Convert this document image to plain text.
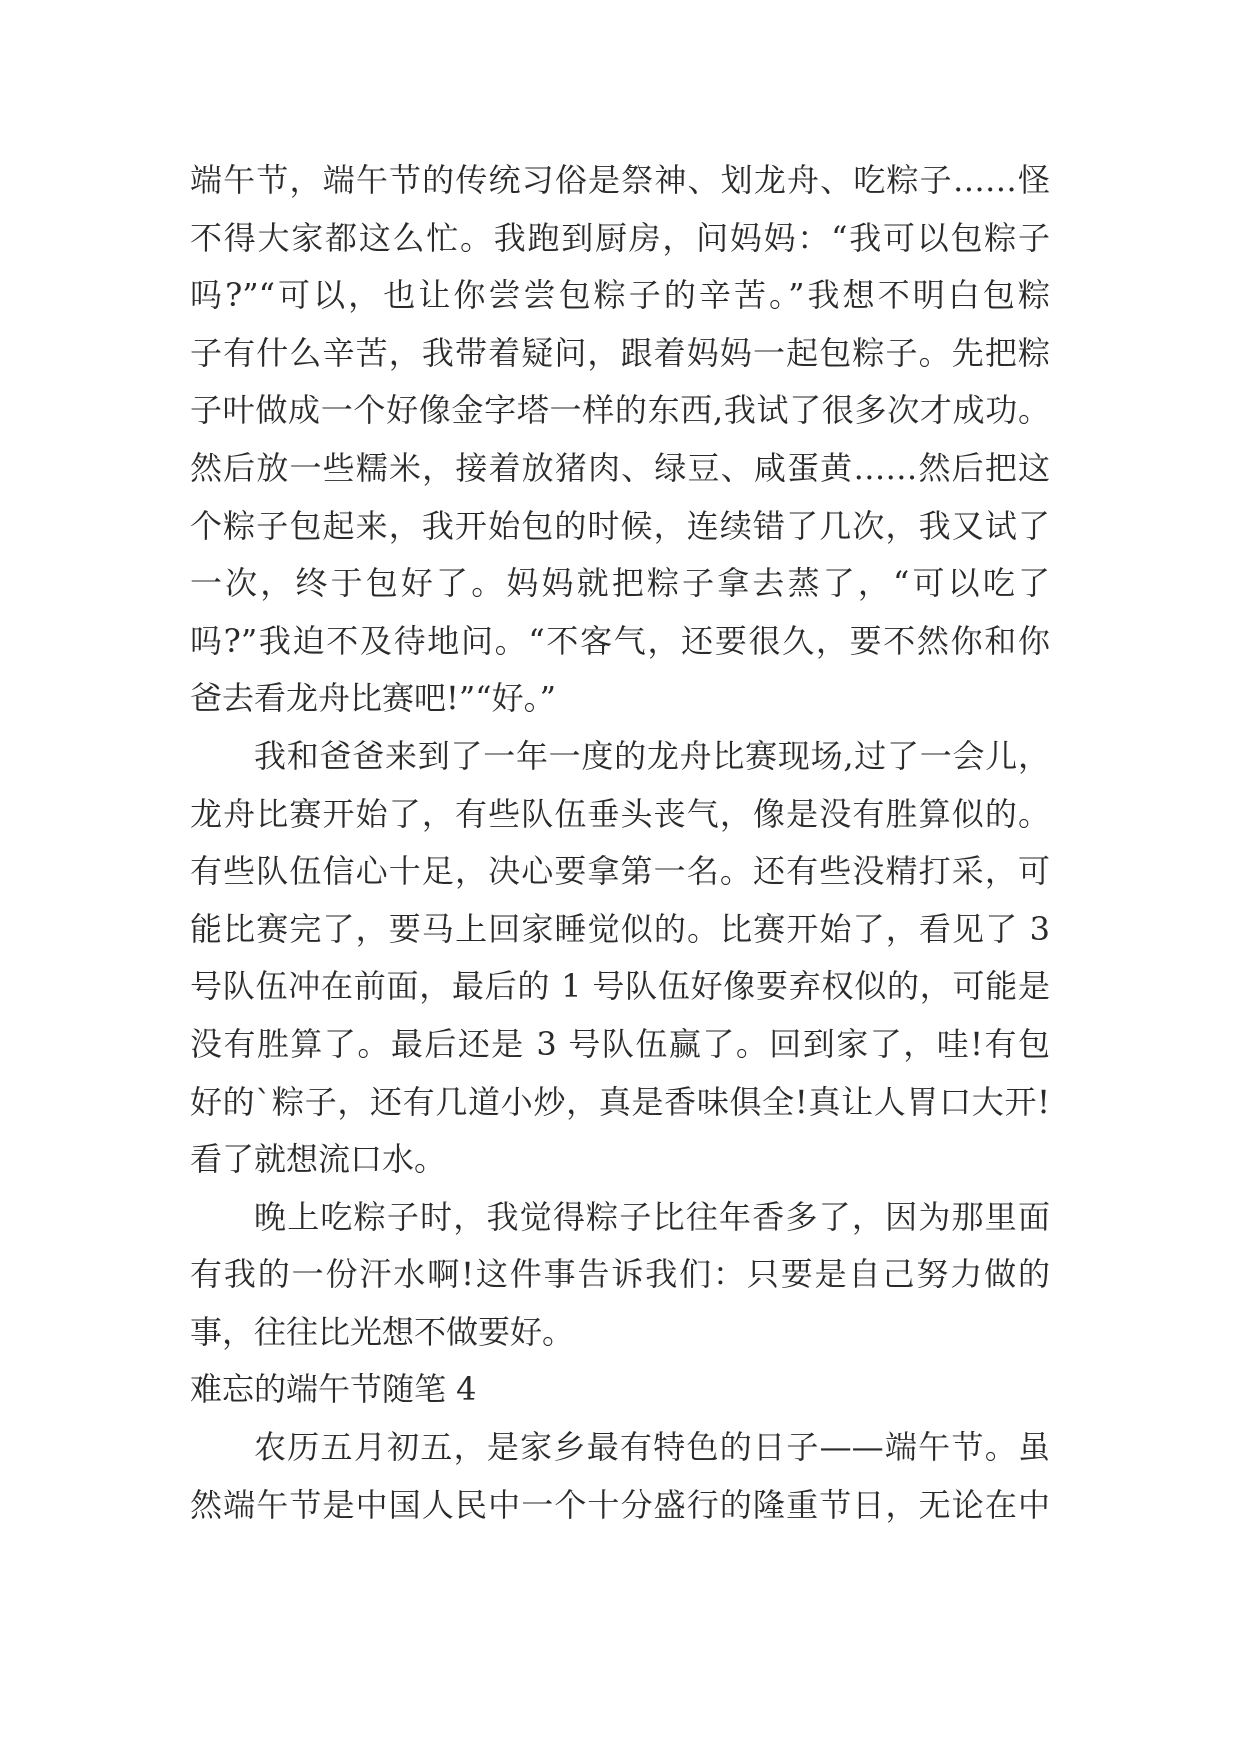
端午节，端午节的传统习俗是祭神、划龙舟、吃粽子……怪
不得大家都这么忙。我跑到厨房，问妈妈：“我可以包粽子
吗?”“可以，也让你尝尝包粽子的辛苦。”我想不明白包粽
子有什么辛苦，我带着疑问，跟着妈妈一起包粽子。先把粽
子叶做成一个好像金字塔一样的东西,我试了很多次才成功。
然后放一些糯米，接着放猪肉、绿豆、咸蛋黄……然后把这
个粽子包起来，我开始包的时候，连续错了几次，我又试了
一次，终于包好了。妈妈就把粽子拿去蒸了，“可以吃了
吗?”我迫不及待地问。“不客气，还要很久，要不然你和你
爸去看龙舟比赛吧!”“好。”
我和爸爸来到了一年一度的龙舟比赛现场,过了一会儿，
龙舟比赛开始了，有些队伍垂头丧气，像是没有胜算似的。
有些队伍信心十足，决心要拿第一名。还有些没精打采，可
能比赛完了，要马上回家睡觉似的。比赛开始了，看见了 3
号队伍冲在前面，最后的 1 号队伍好像要弃权似的，可能是
没有胜算了。最后还是 3 号队伍赢了。回到家了，哇!有包
好的`粽子，还有几道小炒，真是香味俱全!真让人胃口大开!
看了就想流口水。
晚上吃粽子时，我觉得粽子比往年香多了，因为那里面
有我的一份汗水啊!这件事告诉我们：只要是自己努力做的
事，往往比光想不做要好。
难忘的端午节随笔 4
农历五月初五，是家乡最有特色的日子——端午节。虽
然端午节是中国人民中一个十分盛行的隆重节日，无论在中
